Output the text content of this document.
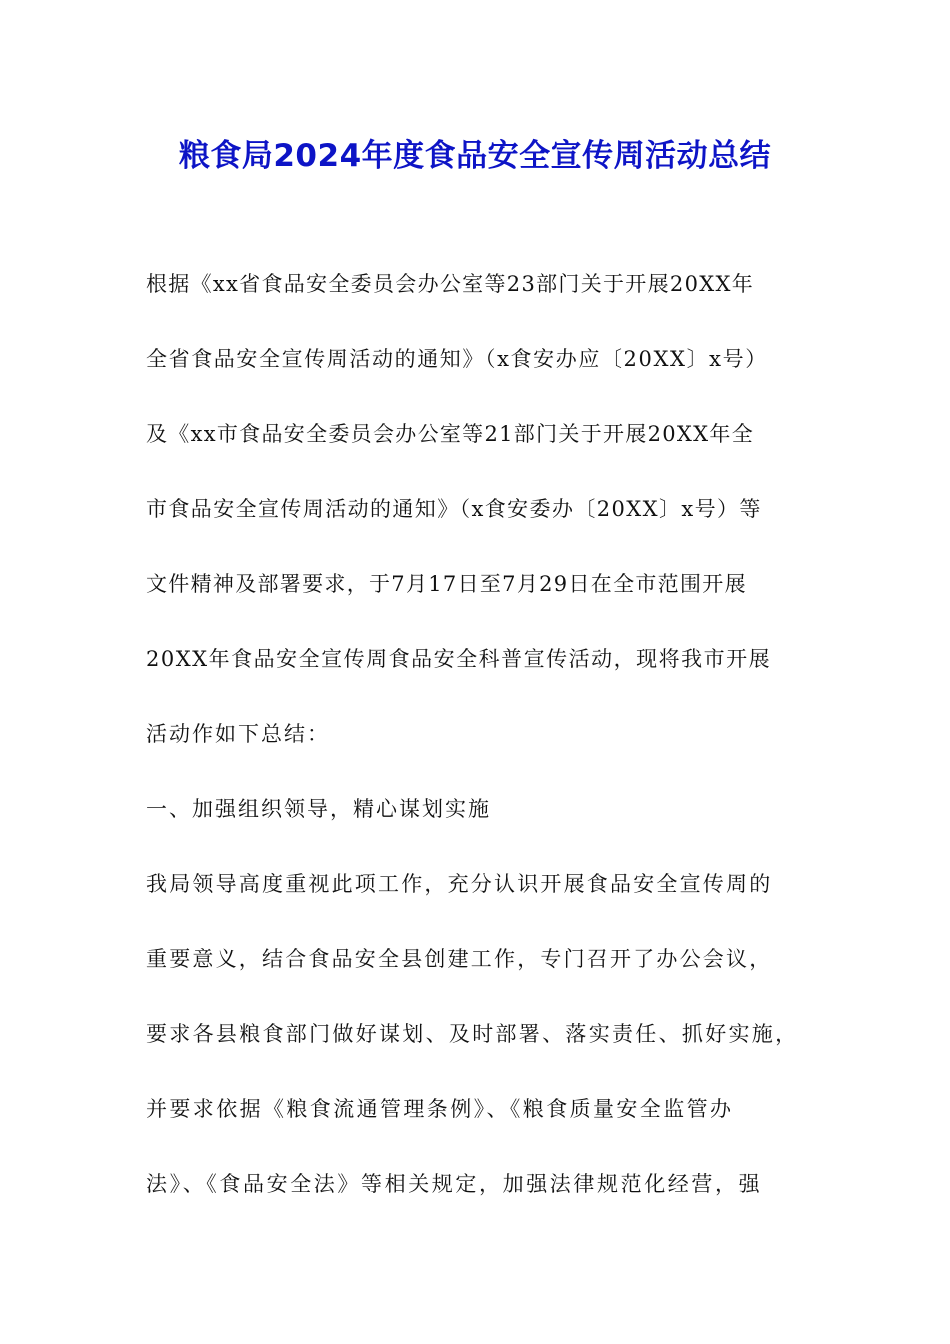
粮食局2024年度食品安全宣传周活动总结
根据《xx省食品安全委员会办公室等23部门关于开展20XX年
全省食品安全宣传周活动的通知》（x食安办应〔20XX〕x号）
及《xx市食品安全委员会办公室等21部门关于开展20XX年全
市食品安全宣传周活动的通知》（x食安委办〔20XX〕x号）等
文件精神及部署要求，于7月17日至7月29日在全市范围开展
20XX年食品安全宣传周食品安全科普宣传活动，现将我市开展
活动作如下总结：
一、加强组织领导，精心谋划实施
我局领导高度重视此项工作，充分认识开展食品安全宣传周的
重要意义，结合食品安全县创建工作，专门召开了办公会议，
要求各县粮食部门做好谋划、及时部署、落实责任、抓好实施，
并要求依据《粮食流通管理条例》、《粮食质量安全监管办
法》、《食品安全法》等相关规定，加强法律规范化经营，强
